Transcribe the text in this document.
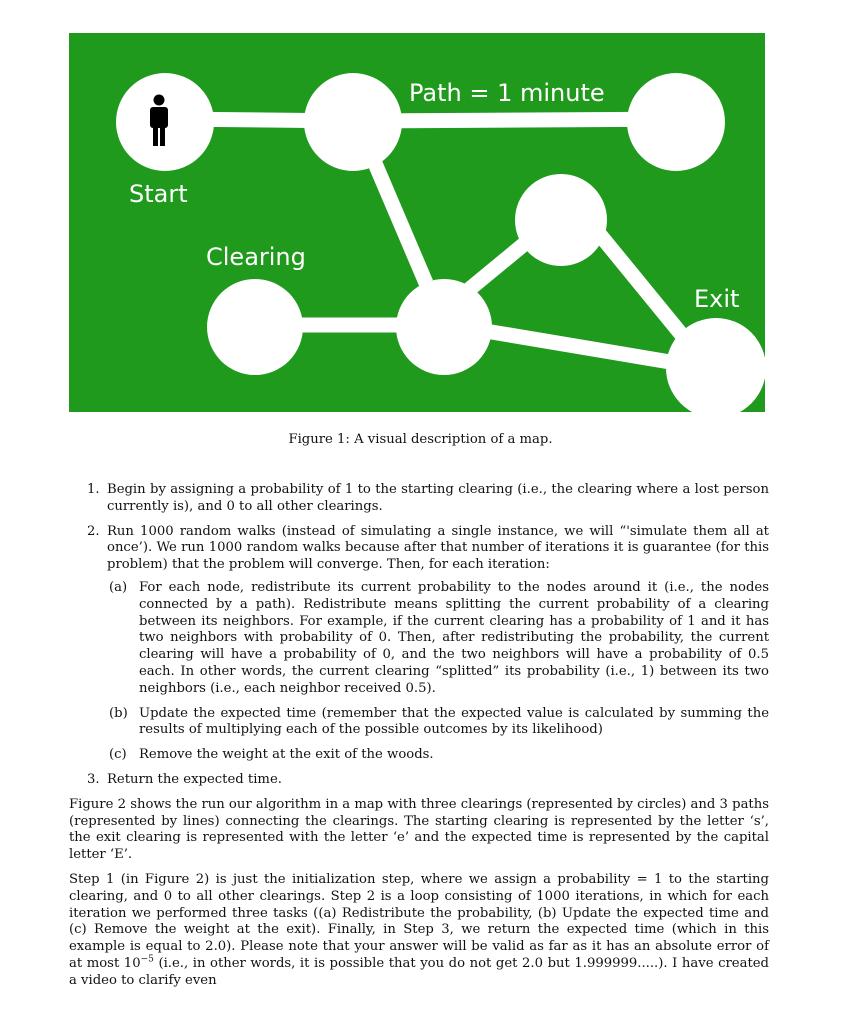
Path = 1 minute
Start
Clearing
Exit
Figure 1: A visual description of a map.
1. Begin by assigning a probability of 1 to the starting clearing (i.e., the clearing where a lost person currently is), and 0 to all other clearings.
2. Run 1000 random walks (instead of simulating a single instance, we will “'simulate them all at once’). We run 1000 random walks because after that number of iterations it is guarantee (for this problem) that the problem will converge. Then, for each iteration:
(a) For each node, redistribute its current probability to the nodes around it (i.e., the nodes connected by a path). Redistribute means splitting the current probability of a clearing between its neighbors. For example, if the current clearing has a probability of 1 and it has two neighbors with probability of 0. Then, after redistributing the probability, the current clearing will have a probability of 0, and the two neighbors will have a probability of 0.5 each. In other words, the current clearing “splitted” its probability (i.e., 1) between its two neighbors (i.e., each neighbor received 0.5).
(b) Update the expected time (remember that the expected value is calculated by summing the results of multiplying each of the possible outcomes by its likelihood)
(c) Remove the weight at the exit of the woods.
3. Return the expected time.

Figure 2 shows the run our algorithm in a map with three clearings (represented by circles) and 3 paths (represented by lines) connecting the clearings. The starting clearing is represented by the letter ‘s’, the exit clearing is represented with the letter ‘e’ and the expected time is represented by the capital letter ‘E’.

Step 1 (in Figure 2) is just the initialization step, where we assign a probability = 1 to the starting clearing, and 0 to all other clearings. Step 2 is a loop consisting of 1000 iterations, in which for each iteration we performed three tasks ((a) Redistribute the probability, (b) Update the expected time and (c) Remove the weight at the exit). Finally, in Step 3, we return the expected time (which in this example is equal to 2.0). Please note that your answer will be valid as far as it has an absolute error of at most $10^{-5}$ (i.e., in other words, it is possible that you do not get 2.0 but 1.999999.....). I have created a video to clarify even
